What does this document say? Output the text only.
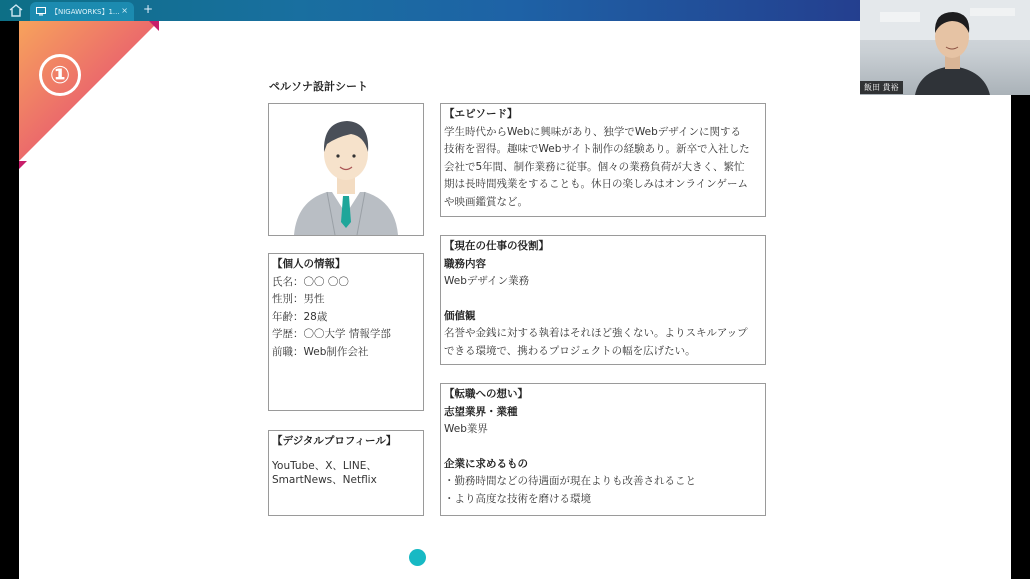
【NIGAWORKS】1... × +
①	ペルソナ設計シート
【個人の情報】
氏名：〇〇 〇〇
性別：男性
年齢：28歳
学歴：〇〇大学 情報学部
前職：Web制作会社
【デジタルプロフィール】
YouTube、X、LINE、
SmartNews、Netflix
【エピソード】
学生時代からWebに興味があり、独学でWebデザインに関する
技術を習得。趣味でWebサイト制作の経験あり。新卒で入社した
会社で5年間、制作業務に従事。個々の業務負荷が大きく、繁忙
期は長時間残業をすることも。休日の楽しみはオンラインゲーム
や映画鑑賞など。
【現在の仕事の役割】
職務内容
Webデザイン業務
価値観
名誉や金銭に対する執着はそれほど強くない。よりスキルアップ
できる環境で、携わるプロジェクトの幅を広げたい。
【転職への想い】
志望業界・業種
Web業界
企業に求めるもの
・勤務時間などの待遇面が現在よりも改善されること
・より高度な技術を磨ける環境
飯田 貴裕
